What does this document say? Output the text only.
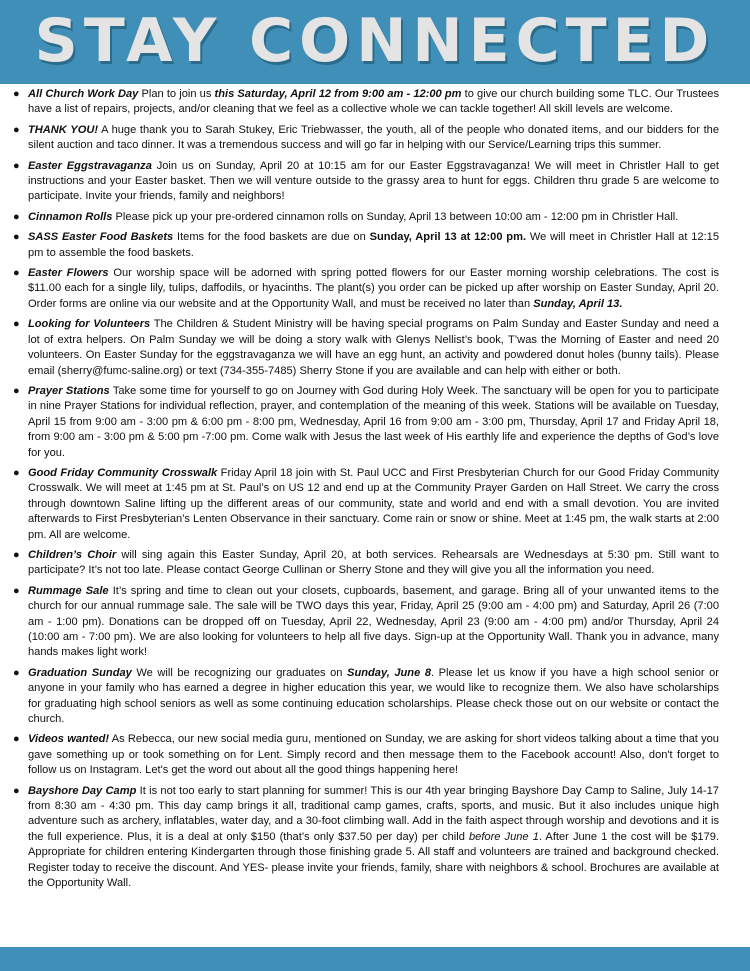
STAY CONNECTED
● All Church Work Day Plan to join us this Saturday, April 12 from 9:00 am - 12:00 pm to give our church building some TLC. Our Trustees have a list of repairs, projects, and/or cleaning that we feel as a collective whole we can tackle together! All skill levels are welcome.
● THANK YOU! A huge thank you to Sarah Stukey, Eric Triebwasser, the youth, all of the people who donated items, and our bidders for the silent auction and taco dinner. It was a tremendous success and will go far in helping with our Service/Learning trips this summer.
● Easter Eggstravaganza Join us on Sunday, April 20 at 10:15 am for our Easter Eggstravaganza! We will meet in Christler Hall to get instructions and your Easter basket. Then we will venture outside to the grassy area to hunt for eggs. Children thru grade 5 are welcome to participate. Invite your friends, family and neighbors!
● Cinnamon Rolls Please pick up your pre-ordered cinnamon rolls on Sunday, April 13 between 10:00 am - 12:00 pm in Christler Hall.
● SASS Easter Food Baskets Items for the food baskets are due on Sunday, April 13 at 12:00 pm. We will meet in Christler Hall at 12:15 pm to assemble the food baskets.
● Easter Flowers Our worship space will be adorned with spring potted flowers for our Easter morning worship celebrations. The cost is $11.00 each for a single lily, tulips, daffodils, or hyacinths. The plant(s) you order can be picked up after worship on Easter Sunday, April 20. Order forms are online via our website and at the Opportunity Wall, and must be received no later than Sunday, April 13.
● Looking for Volunteers The Children & Student Ministry will be having special programs on Palm Sunday and Easter Sunday and need a lot of extra helpers. On Palm Sunday we will be doing a story walk with Glenys Nellist’s book, T’was the Morning of Easter and need 20 volunteers. On Easter Sunday for the eggstravaganza we will have an egg hunt, an activity and powdered donut holes (bunny tails). Please email (sherry@fumc-saline.org) or text (734-355-7485) Sherry Stone if you are available and can help with either or both.
● Prayer Stations Take some time for yourself to go on Journey with God during Holy Week. The sanctuary will be open for you to participate in nine Prayer Stations for individual reflection, prayer, and contemplation of the meaning of this week. Stations will be available on Tuesday, April 15 from 9:00 am - 3:00 pm & 6:00 pm - 8:00 pm, Wednesday, April 16 from 9:00 am - 3:00 pm, Thursday, April 17 and Friday April 18, from 9:00 am - 3:00 pm & 5:00 pm -7:00 pm. Come walk with Jesus the last week of His earthly life and experience the depths of God’s love for you.
● Good Friday Community Crosswalk Friday April 18 join with St. Paul UCC and First Presbyterian Church for our Good Friday Community Crosswalk. We will meet at 1:45 pm at St. Paul’s on US 12 and end up at the Community Prayer Garden on Hall Street. We carry the cross through downtown Saline lifting up the different areas of our community, state and world and end with a small devotion. You are invited afterwards to First Presbyterian’s Lenten Observance in their sanctuary. Come rain or snow or shine. Meet at 1:45 pm, the walk starts at 2:00 pm. All are welcome.
● Children’s Choir will sing again this Easter Sunday, April 20, at both services. Rehearsals are Wednesdays at 5:30 pm. Still want to participate? It’s not too late. Please contact George Cullinan or Sherry Stone and they will give you all the information you need.
● Rummage Sale It’s spring and time to clean out your closets, cupboards, basement, and garage. Bring all of your unwanted items to the church for our annual rummage sale. The sale will be TWO days this year, Friday, April 25 (9:00 am - 4:00 pm) and Saturday, April 26 (7:00 am - 1:00 pm). Donations can be dropped off on Tuesday, April 22, Wednesday, April 23 (9:00 am - 4:00 pm) and/or Thursday, April 24 (10:00 am - 7:00 pm). We are also looking for volunteers to help all five days. Sign-up at the Opportunity Wall. Thank you in advance, many hands makes light work!
● Graduation Sunday We will be recognizing our graduates on Sunday, June 8. Please let us know if you have a high school senior or anyone in your family who has earned a degree in higher education this year, we would like to recognize them. We also have scholarships for graduating high school seniors as well as some continuing education scholarships. Please check those out on our website or contact the church.
● Videos wanted! As Rebecca, our new social media guru, mentioned on Sunday, we are asking for short videos talking about a time that you gave something up or took something on for Lent. Simply record and then message them to the Facebook account! Also, don't forget to follow us on Instagram. Let's get the word out about all the good things happening here!
● Bayshore Day Camp It is not too early to start planning for summer! This is our 4th year bringing Bayshore Day Camp to Saline, July 14-17 from 8:30 am - 4:30 pm. This day camp brings it all, traditional camp games, crafts, sports, and music. But it also includes unique high adventure such as archery, inflatables, water day, and a 30-foot climbing wall. Add in the faith aspect through worship and devotions and it is the full experience. Plus, it is a deal at only $150 (that’s only $37.50 per day) per child before June 1. After June 1 the cost will be $179. Appropriate for children entering Kindergarten through those finishing grade 5. All staff and volunteers are trained and background checked. Register today to receive the discount. And YES- please invite your friends, family, share with neighbors & school. Brochures are available at the Opportunity Wall.
